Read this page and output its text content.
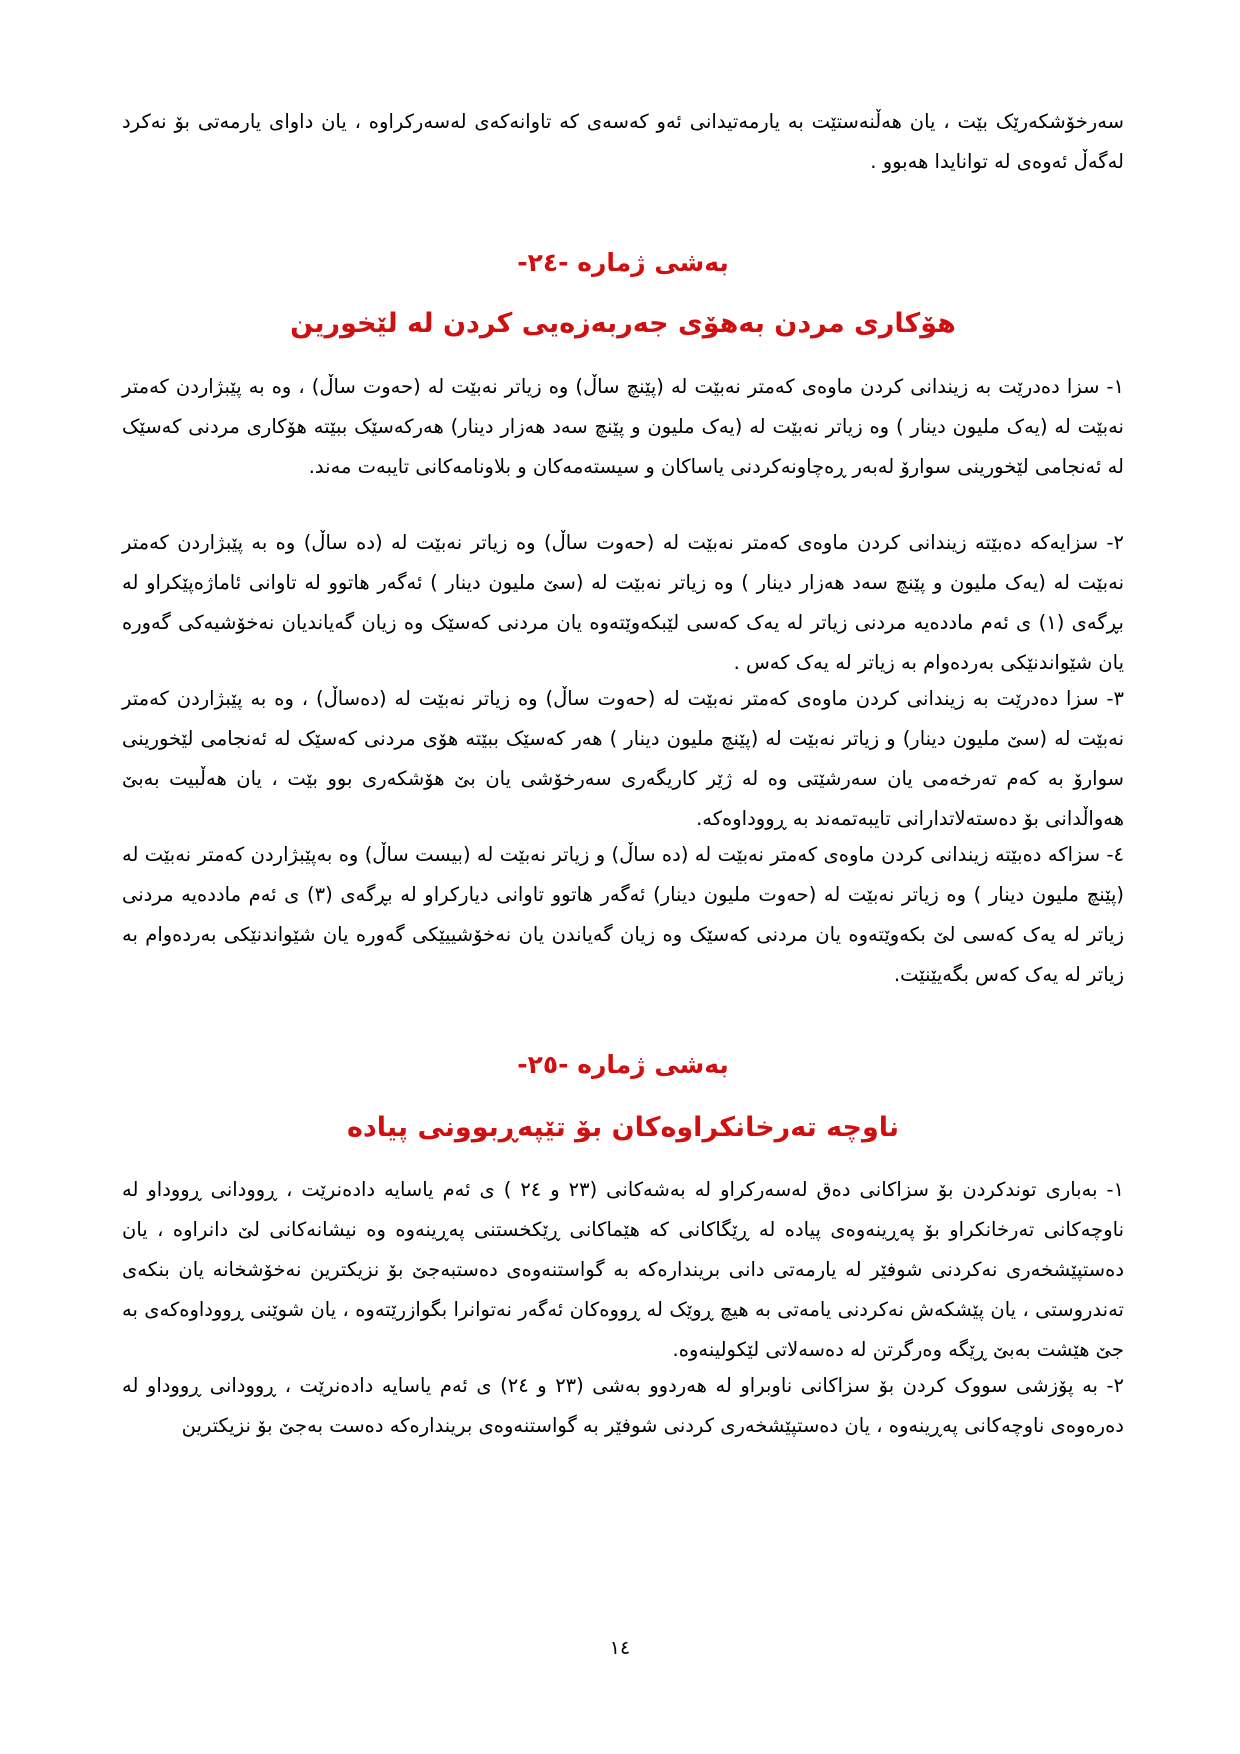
سەرخۆشکەرێک بێت ، یان هەڵنەستێت بە یارمەتیدانی ئەو کەسەی کە تاوانەکەی لەسەرکراوە ، یان داوای یارمەتی بۆ نەکرد لەگەڵ ئەوەی لە توانایدا هەبوو .
بەشی ژمارە -٢٤-
هۆکاری مردن بەهۆی جەربەزەیی کردن لە لێخورین
١- سزا دەدرێت بە زیندانی کردن ماوەی کەمتر نەبێت لە (پێنچ ساڵ) وە زیاتر نەبێت لە (حەوت ساڵ) ، وە بە پێبژاردن کەمتر نەبێت لە (یەک ملیون دینار ) وە زیاتر نەبێت لە (یەک ملیون و پێنچ سەد هەزار دینار) هەرکەسێک ببێتە هۆکاری مردنی کەسێک لە ئەنجامی لێخورینی سوارۆ لەبەر ڕەچاونەکردنی یاساکان و سیستەمەکان و بلاونامەکانی تایبەت مەند.
٢- سزایەکە دەبێتە زیندانی کردن ماوەی کەمتر نەبێت لە (حەوت ساڵ) وە زیاتر نەبێت لە (دە ساڵ) وە بە پێبژاردن کەمتر نەبێت لە (یەک ملیون و پێنچ سەد هەزار دینار ) وە زیاتر نەبێت لە (سێ ملیون دینار ) ئەگەر هاتوو لە تاوانی ئاماژەپێکراو لە بڕگەی (١) ی ئەم ماددەیە مردنی زیاتر لە یەک کەسی لێبکەوێتەوە یان مردنی کەسێک وە زیان گەیاندیان نەخۆشیەکی گەورە یان شێواندنێکی بەردەوام بە زیاتر لە یەک کەس .
٣- سزا دەدرێت بە زیندانی کردن ماوەی کەمتر نەبێت لە (حەوت ساڵ) وە زیاتر نەبێت لە (دەساڵ) ، وە بە پێبژاردن کەمتر نەبێت لە (سێ ملیون دینار) و زیاتر نەبێت لە (پێنچ ملیون دینار ) هەر کەسێک ببێتە هۆی مردنی کەسێک لە ئەنجامی لێخورینی سوارۆ بە کەم تەرخەمی یان سەرشێتی وە لە ژێر کاریگەری سەرخۆشی یان بێ هۆشکەری بوو بێت ، یان هەڵبیت بەبێ هەواڵدانی بۆ دەستەلاتدارانی تایبەتمەند بە ڕووداوەکە.
٤- سزاکە دەبێتە زیندانی کردن ماوەی کەمتر نەبێت لە (دە ساڵ) و زیاتر نەبێت لە (بیست ساڵ) وە بەپێبژاردن کەمتر نەبێت لە (پێنچ ملیون دینار ) وە زیاتر نەبێت لە (حەوت ملیون دینار) ئەگەر هاتوو تاوانی دیارکراو لە بڕگەی (٣) ی ئەم ماددەیە مردنی زیاتر لە یەک کەسی لێ بکەوێتەوە یان مردنی کەسێک وە زیان گەیاندن یان نەخۆشییێکی گەورە یان شێواندنێکی بەردەوام بە زیاتر لە یەک کەس بگەیێنێت.
بەشی ژمارە -٢٥-
ناوچە تەرخانکراوەکان بۆ تێپەڕبوونی پیادە
١- بەباری توندکردن بۆ سزاکانی دەق لەسەرکراو لە بەشەکانی (٢٣ و ٢٤ ) ی ئەم یاسایە دادەنرێت ، ڕوودانی ڕووداو لە ناوچەکانی تەرخانکراو بۆ پەڕینەوەی پیادە لە ڕێگاکانی کە هێماکانی ڕێکخستنی پەڕینەوە وە نیشانەکانی لێ دانراوە ، یان دەستپێشخەری نەکردنی شوفێر لە یارمەتی دانی بریندارەکە بە گواستنەوەی دەستبەجێ بۆ نزیکترین نەخۆشخانە یان بنکەی تەندروستی ، یان پێشکەش نەکردنی یامەتی بە هیچ ڕوێک لە ڕووەکان ئەگەر نەتوانرا بگوازرێتەوە ، یان شوێنی ڕووداوەکەی بە جێ هێشت بەبێ ڕێگە وەرگرتن لە دەسەلاتی لێکولینەوە.
٢- بە پۆزشی سووک کردن بۆ سزاکانی ناوبراو لە هەردوو بەشی (٢٣ و ٢٤) ی ئەم یاسایە دادەنرێت ، ڕوودانی ڕووداو لە دەرەوەی ناوچەکانی پەڕینەوە ، یان دەستپێشخەری کردنی شوفێر بە گواستنەوەی بریندارەکە دەست بەجێ بۆ نزیکترین
١٤
